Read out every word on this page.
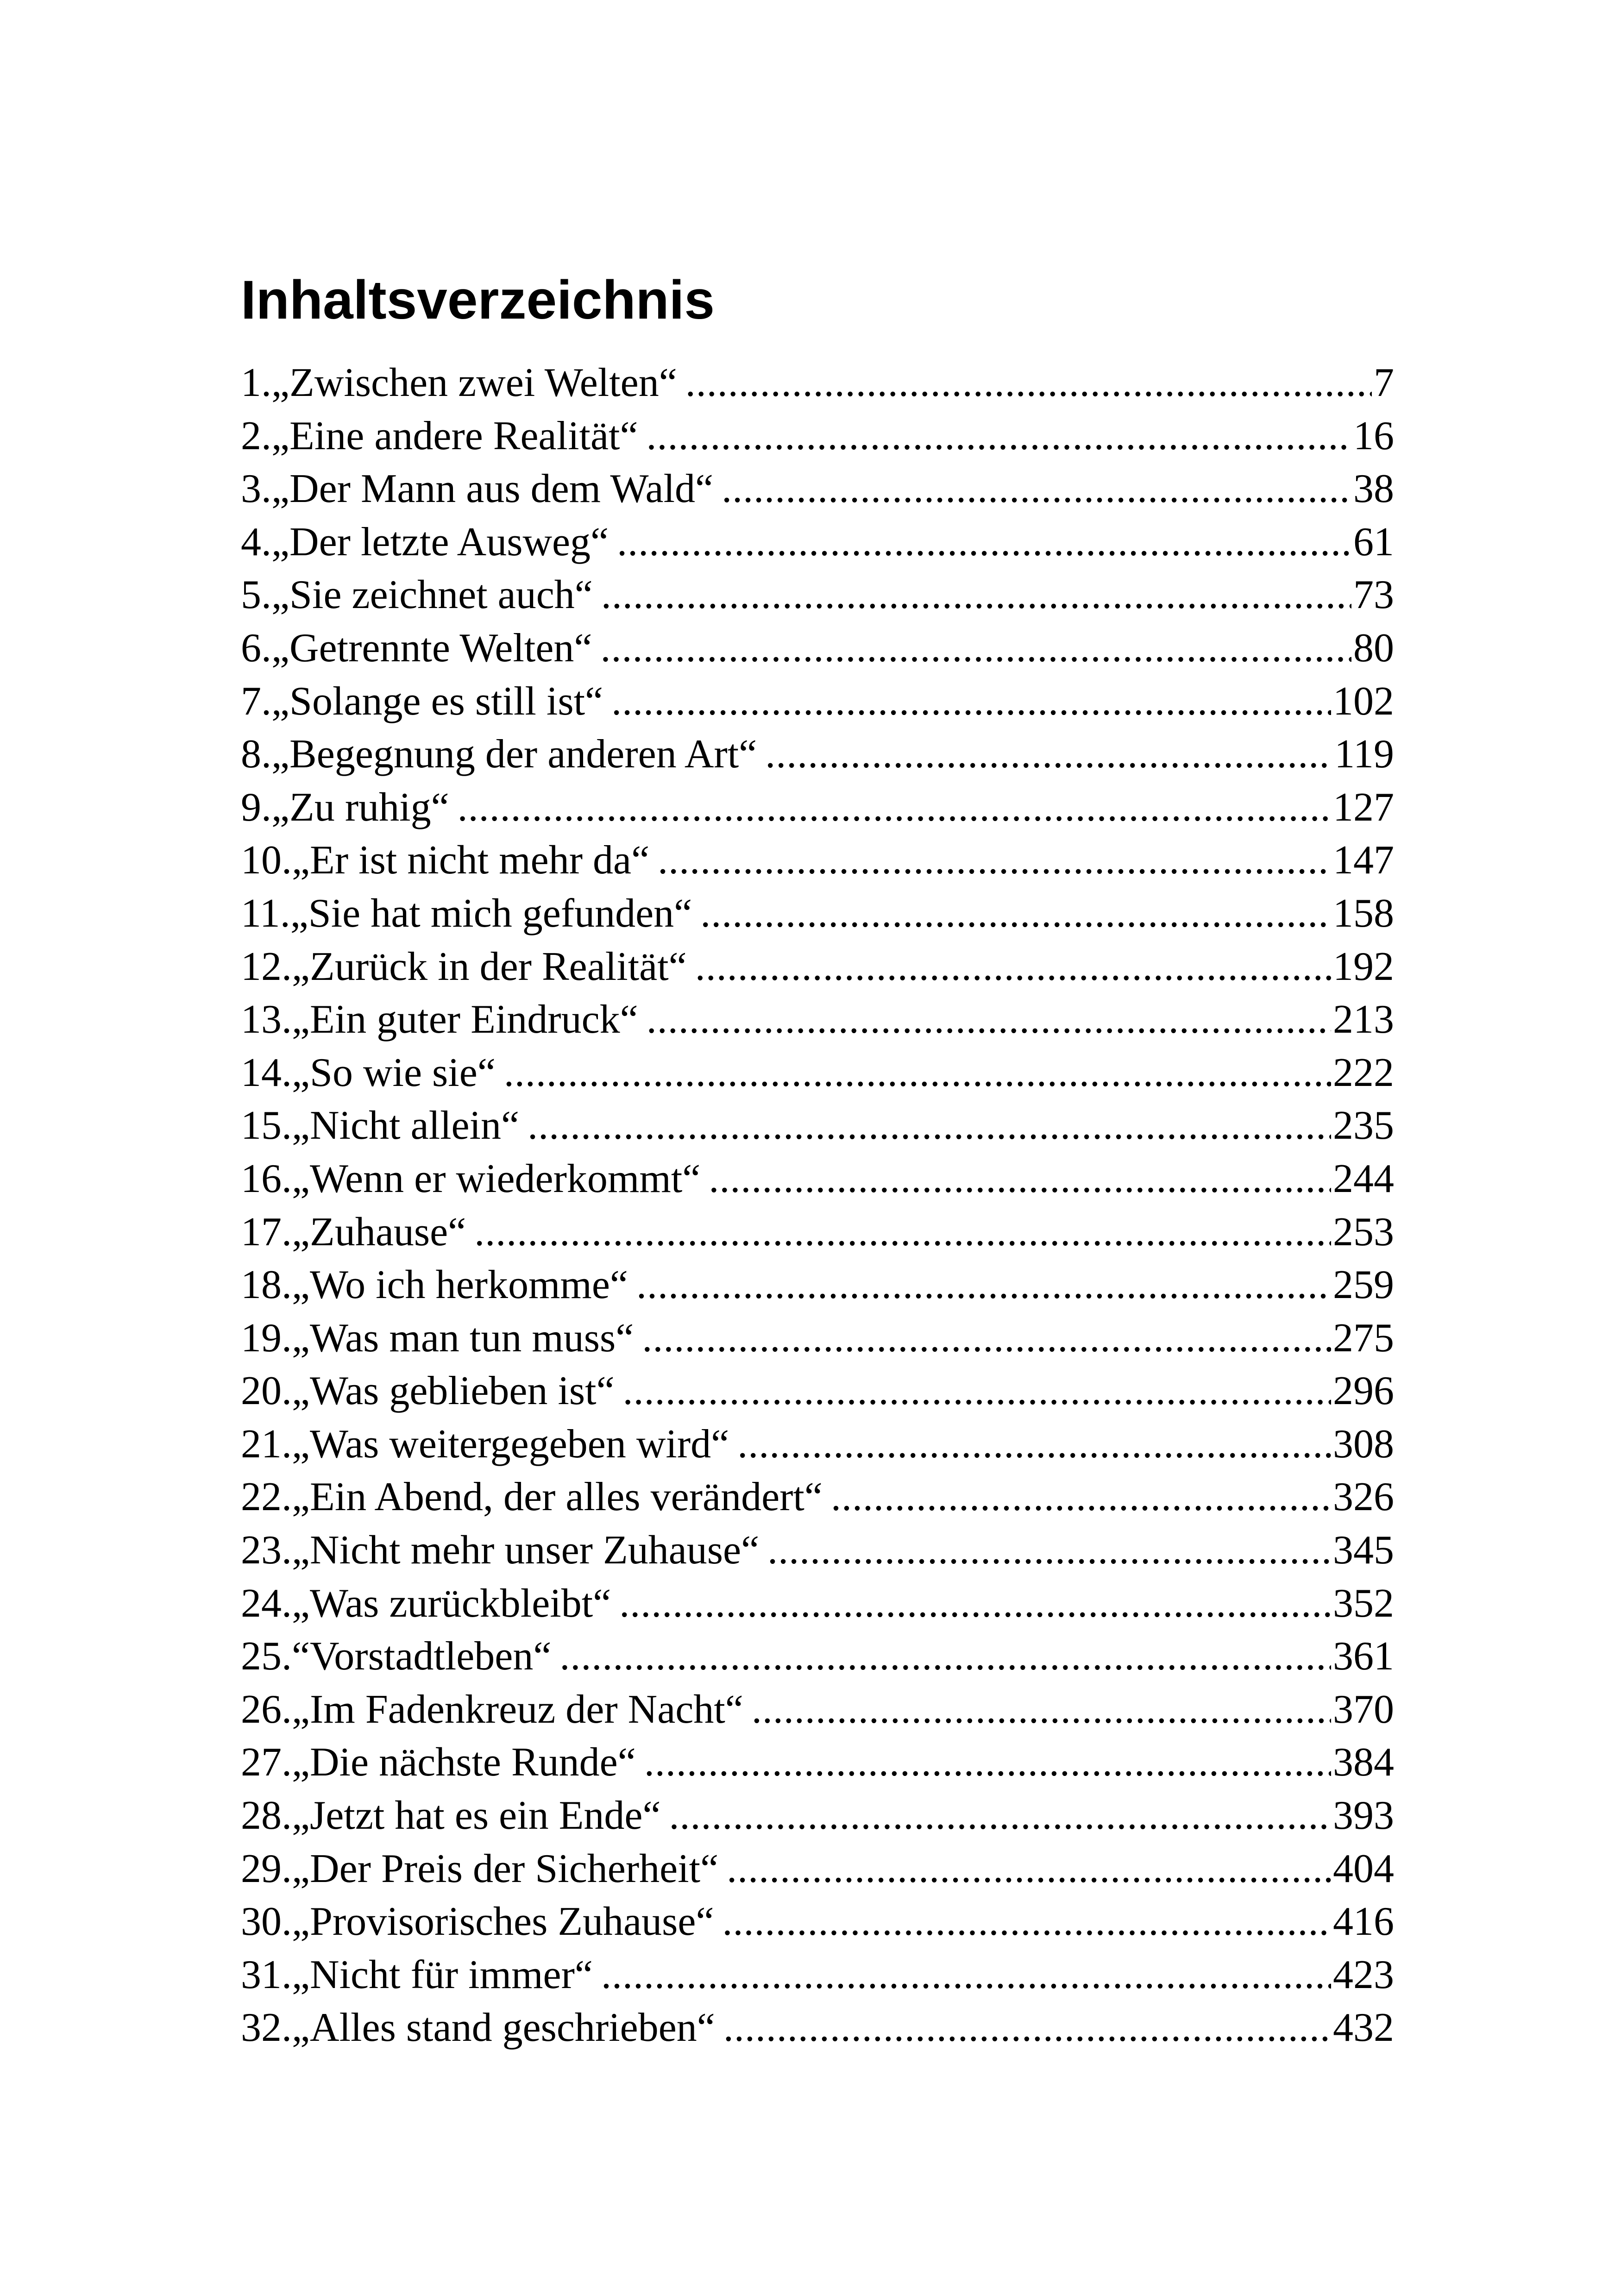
Inhaltsverzeichnis
1.„Zwischen zwei Welten“ .....	7
2.„Eine andere Realität“ .....	16
3.„Der Mann aus dem Wald“ .....	38
4.„Der letzte Ausweg“ .....	61
5.„Sie zeichnet auch“ .....	73
6.„Getrennte Welten“ .....	80
7.„Solange es still ist“ .....	102
8.„Begegnung der anderen Art“ .....	119
9.„Zu ruhig“ .....	127
10.„Er ist nicht mehr da“ .....	147
11.„Sie hat mich gefunden“ .....	158
12.„Zurück in der Realität“ .....	192
13.„Ein guter Eindruck“ .....	213
14.„So wie sie“ .....	222
15.„Nicht allein“ .....	235
16.„Wenn er wiederkommt“ .....	244
17.„Zuhause“ .....	253
18.„Wo ich herkomme“ .....	259
19.„Was man tun muss“ .....	275
20.„Was geblieben ist“ .....	296
21.„Was weitergegeben wird“ .....	308
22.„Ein Abend, der alles verändert“ .....	326
23.„Nicht mehr unser Zuhause“ .....	345
24.„Was zurückbleibt“ .....	352
25.“Vorstadtleben“ .....	361
26.„Im Fadenkreuz der Nacht“ .....	370
27.„Die nächste Runde“ .....	384
28.„Jetzt hat es ein Ende“ .....	393
29.„Der Preis der Sicherheit“ .....	404
30.„Provisorisches Zuhause“ .....	416
31.„Nicht für immer“ .....	423
32.„Alles stand geschrieben“ .....	432
